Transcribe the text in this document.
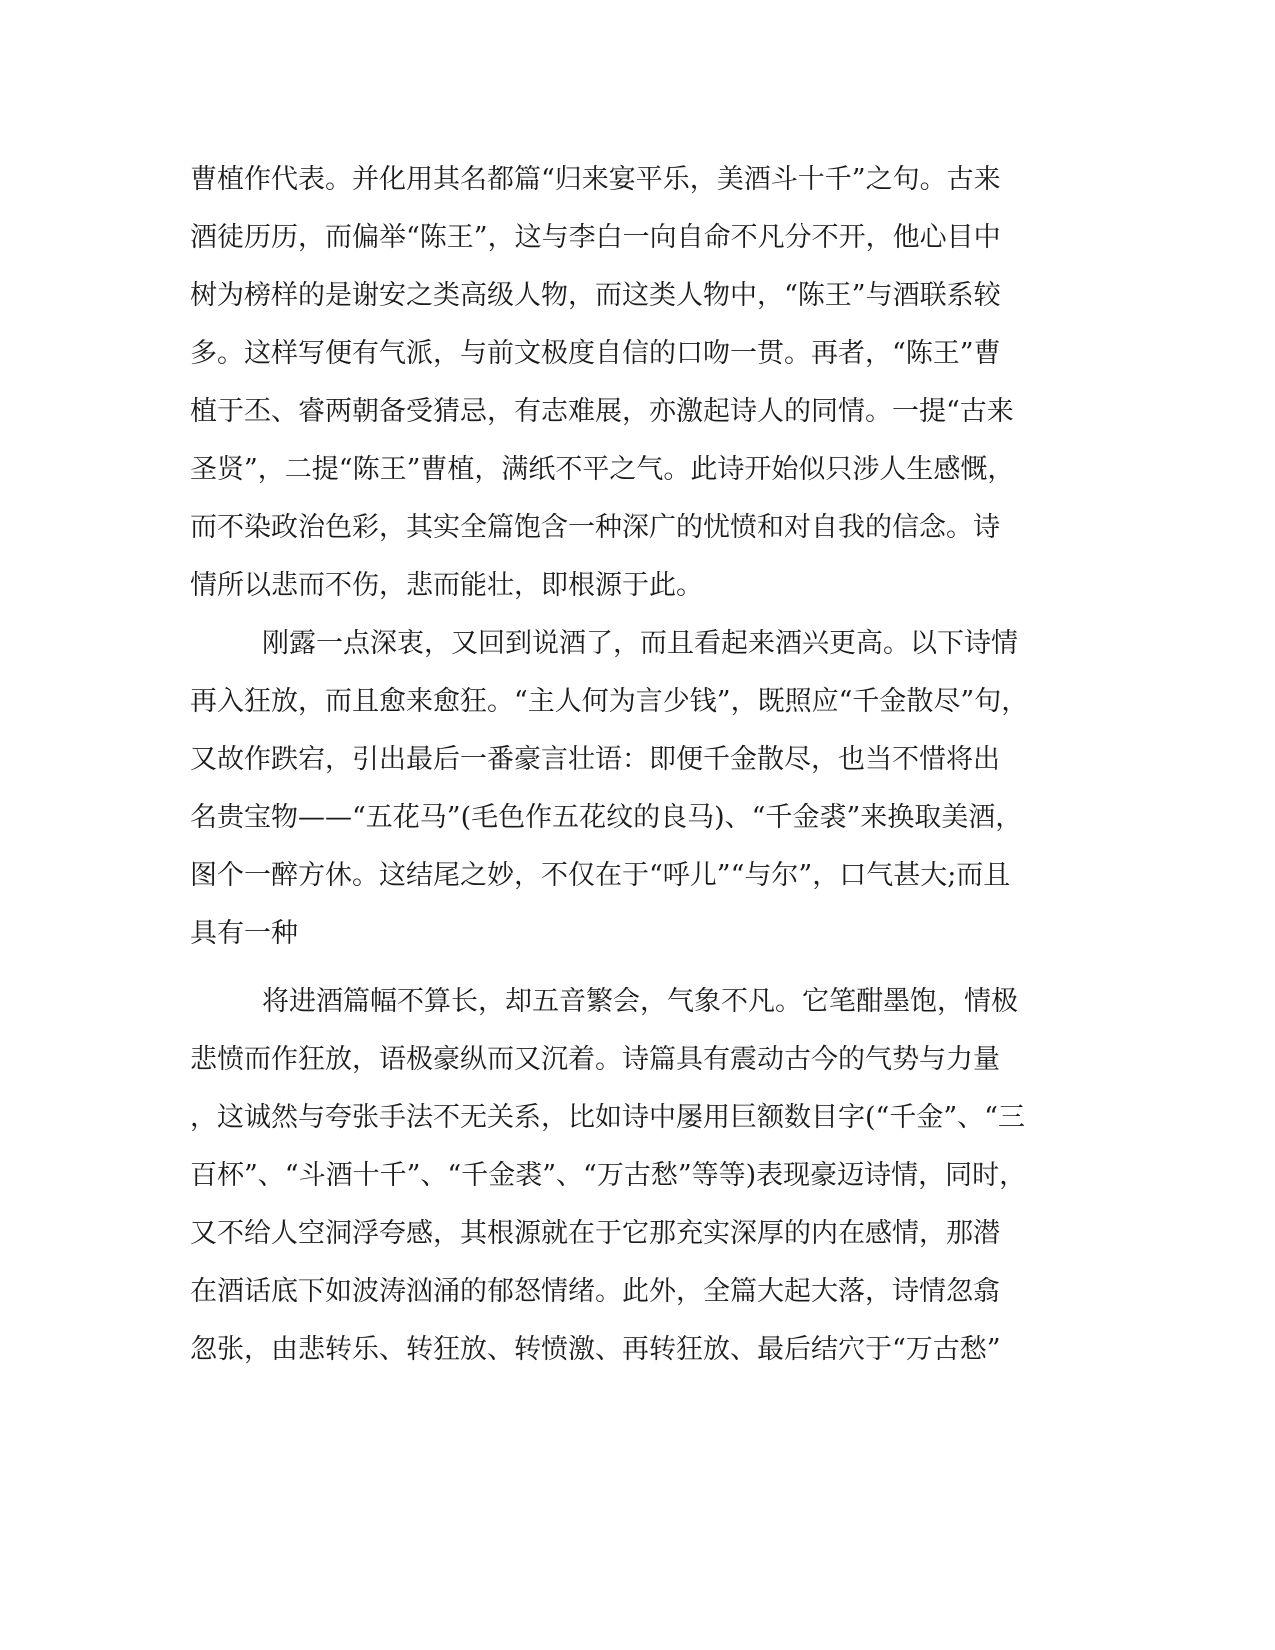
曹植作代表。并化用其名都篇“归来宴平乐，美酒斗十千”之句。古来
酒徒历历，而偏举“陈王”，这与李白一向自命不凡分不开，他心目中
树为榜样的是谢安之类高级人物，而这类人物中，“陈王”与酒联系较
多。这样写便有气派，与前文极度自信的口吻一贯。再者，“陈王”曹
植于丕、睿两朝备受猜忌，有志难展，亦激起诗人的同情。一提“古来
圣贤”，二提“陈王”曹植，满纸不平之气。此诗开始似只涉人生感慨，
而不染政治色彩，其实全篇饱含一种深广的忧愤和对自我的信念。诗
情所以悲而不伤，悲而能壮，即根源于此。
刚露一点深衷，又回到说酒了，而且看起来酒兴更高。以下诗情
再入狂放，而且愈来愈狂。“主人何为言少钱”，既照应“千金散尽”句，
又故作跌宕，引出最后一番豪言壮语：即便千金散尽，也当不惜将出
名贵宝物——“五花马”(毛色作五花纹的良马)、“千金裘”来换取美酒，
图个一醉方休。这结尾之妙，不仅在于“呼儿”“与尔”，口气甚大;而且
具有一种
将进酒篇幅不算长，却五音繁会，气象不凡。它笔酣墨饱，情极
悲愤而作狂放，语极豪纵而又沉着。诗篇具有震动古今的气势与力量
，这诚然与夸张手法不无关系，比如诗中屡用巨额数目字(“千金”、“三
百杯”、“斗酒十千”、“千金裘”、“万古愁”等等)表现豪迈诗情，同时，
又不给人空洞浮夸感，其根源就在于它那充实深厚的内在感情，那潜
在酒话底下如波涛汹涌的郁怒情绪。此外，全篇大起大落，诗情忽翕
忽张，由悲转乐、转狂放、转愤激、再转狂放、最后结穴于“万古愁”
